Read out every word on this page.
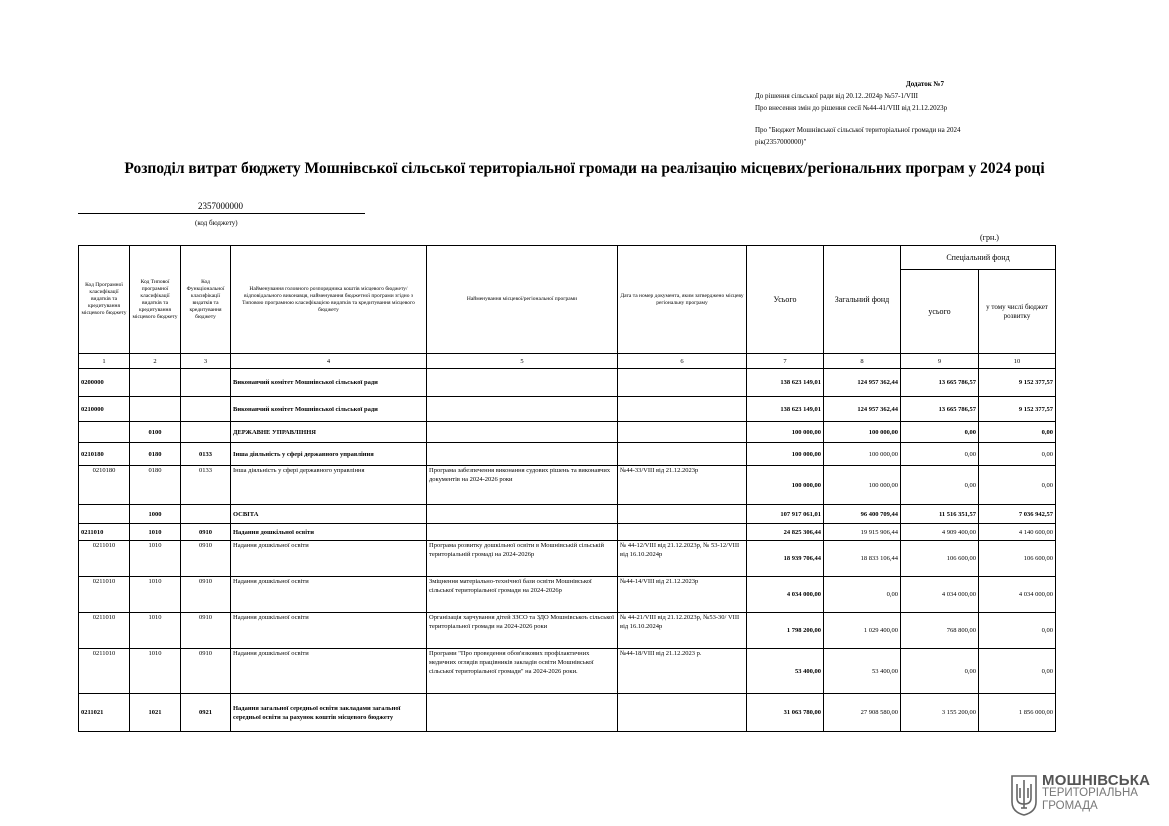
Додаток №7
До рішення сільської ради від 20.12..2024р №57-1/VIII
Про внесення змін до рішення сесії №44-41/VIII від 21.12.2023р
Про "Бюджет Мошнівської сільської територіальної громади на 2024
рік(2357000000)"
Розподіл витрат бюджету Мошнівської сільської територіальної громади на реалізацію місцевих/регіональних програм у 2024 році
2357000000
(код бюджету)
(грн.)
Код Програмної класифікації видатків та кредитування місцевого бюджету	Код Типової програмної класифікації видатків та кредитування місцевого бюджету	Код Функціональної класифікації видатків та кредитування бюджету	Найменування головного розпорядника коштів місцевого бюджету/ відповідального виконавця, найменування бюджетної програми згідно з Типовою програмною класифікацією видатків та кредитування місцевого бюджету	Найменування місцевої/регіональної програми	Дата та номер документа, яким затверджено місцеву регіональну програму	Усього	Загальний фонд	Спеціальний фонд	
								усього	у тому числі бюджет розвитку
1	2	3	4	5	6	7	8	9	10
0200000			Виконавчий комітет Мошнівської сільської ради			138 623 149,01	124 957 362,44	13 665 786,57	9 152 377,57
0210000			Виконавчий комітет Мошнівської сільської ради			138 623 149,01	124 957 362,44	13 665 786,57	9 152 377,57
	0100		ДЕРЖАВНЕ УПРАВЛІННЯ			100 000,00	100 000,00	0,00	0,00
0210180	0180	0133	Інша діяльність у сфері державного управління			100 000,00	100 000,00	0,00	0,00
0210180	0180	0133	Інша діяльність у сфері державного управління	Програма забезпечення виконання судових рішень та виконавчих документів на 2024-2026 роки	№44-33/VIII від 21.12.2023р	100 000,00	100 000,00	0,00	0,00
	1000		ОСВІТА			107 917 061,01	96 400 709,44	11 516 351,57	7 036 942,57
0211010	1010	0910	Надання дошкільної освіти			24 825 306,44	19 915 906,44	4 909 400,00	4 140 600,00
0211010	1010	0910	Надання дошкільної освіти	Програма розвитку дошкільної освіти в Мошнівській сільській територіальній громаді на 2024-2026р	№ 44-12/VIII від 21.12.2023р, № 53-12/VIII від 16.10.2024р	18 939 706,44	18 833 106,44	106 600,00	106 600,00
0211010	1010	0910	Надання дошкільної освіти	Зміцнення матеріально-технічної бази освіти Мошнівської сільської територіальної громади на 2024-2026р	№44-14/VIII від 21.12.2023р	4 034 000,00	0,00	4 034 000,00	4 034 000,00
0211010	1010	0910	Надання дошкільної освіти	Організація харчування дітей ЗЗСО та ЗДО Мошнівськоъ сільської територіальної громади на 2024-2026 роки	№ 44-21/VIII від 21.12.2023р, №53-30/ VIII від 16.10.2024р	1 798 200,00	1 029 400,00	768 800,00	0,00
0211010	1010	0910	Надання дошкільної освіти	Програми "Про проведення обов'язкових профілактичних медичних оглядів працівників закладів освіти Мошнівської сільської територіальної громади" на 2024-2026 роки.	№44-18/VIII від 21.12.2023 р.	53 400,00	53 400,00	0,00	0,00
0211021	1021	0921	Надання загальної середньої освіти закладами загальної середньої освіти за рахунок коштів місцевого бюджету			31 063 780,00	27 908 580,00	3 155 200,00	1 856 000,00
МОШНІВСЬКА
ТЕРИТОРІАЛЬНА
ГРОМАДА
